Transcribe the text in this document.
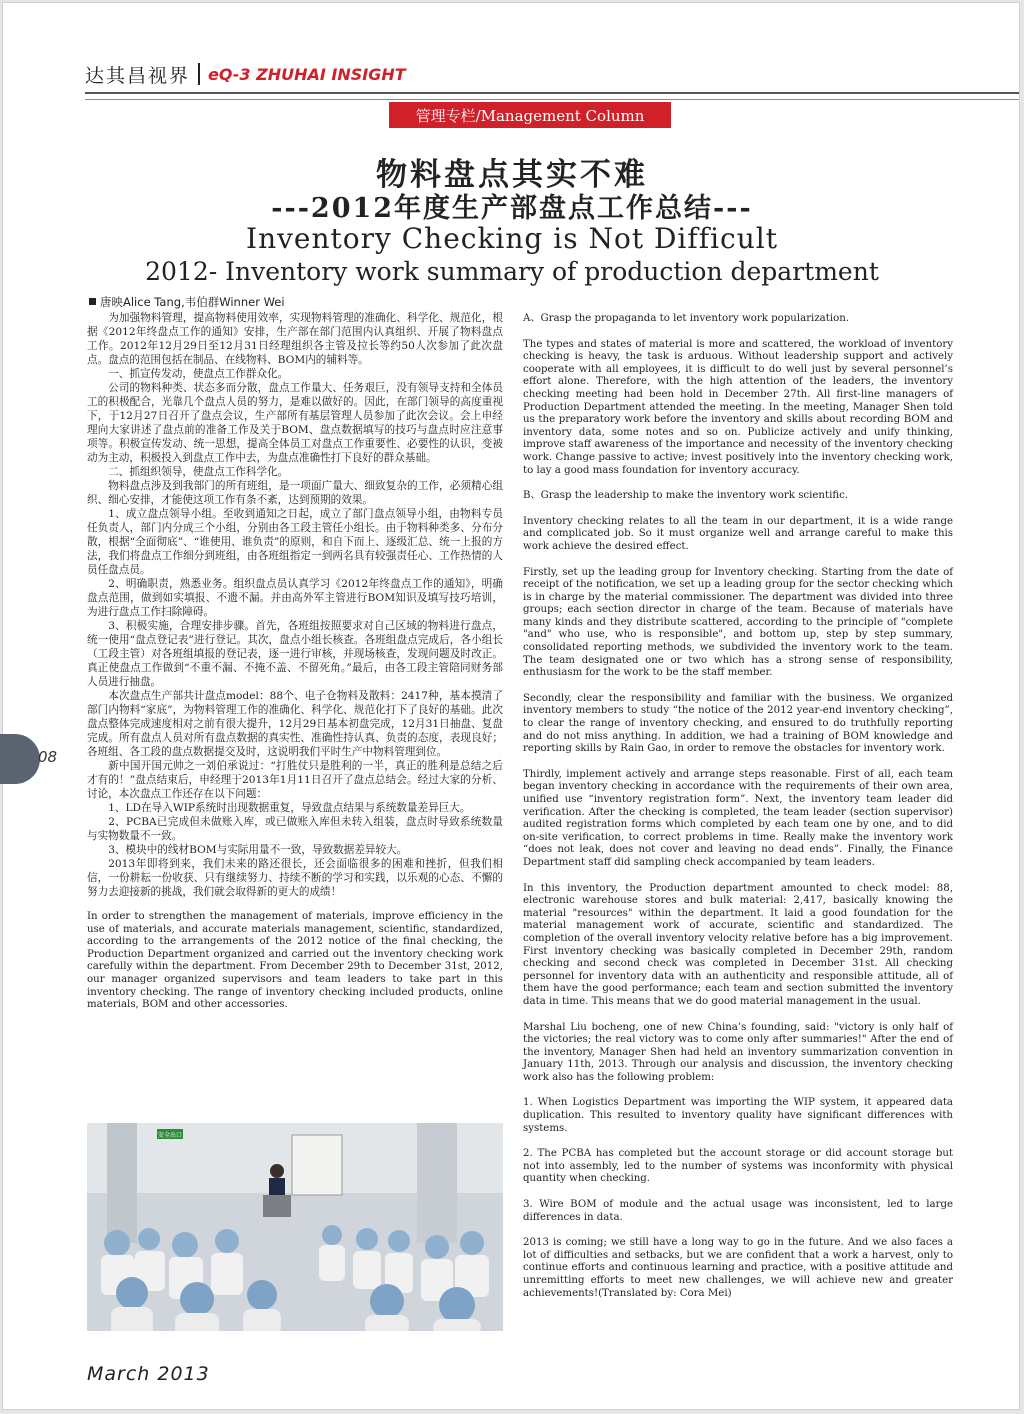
达其昌视界 eQ-3 ZHUHAI INSIGHT
管理专栏/Management Column
物料盘点其实不难
---2012年度生产部盘点工作总结---
Inventory Checking is Not Difficult
2012- Inventory work summary of production department
唐映Alice Tang,韦伯群Winner Wei

为加强物料管理，提高物料使用效率，实现物料管理的准确化、科学化、规范化，根据《2012年终盘点工作的通知》安排，生产部在部门范围内认真组织、开展了物料盘点工作。2012年12月29日至12月31日经理组织各主管及拉长等约50人次参加了此次盘点。盘点的范围包括在制品、在线物料、BOM内的辅料等。

一、抓宣传发动，使盘点工作群众化。

公司的物料种类、状态多而分散，盘点工作量大、任务艰巨，没有领导支持和全体员工的积极配合，光靠几个盘点人员的努力，是难以做好的。因此，在部门领导的高度重视下，于12月27日召开了盘点会议，生产部所有基层管理人员参加了此次会议。会上申经理向大家讲述了盘点前的准备工作及关于BOM、盘点数据填写的技巧与盘点时应注意事项等。积极宣传发动、统一思想，提高全体员工对盘点工作重要性、必要性的认识，变被动为主动，积极投入到盘点工作中去，为盘点准确性打下良好的群众基础。

二、抓组织领导，使盘点工作科学化。

物料盘点涉及到我部门的所有班组，是一项面广量大、细致复杂的工作，必须精心组织、细心安排，才能使这项工作有条不紊，达到预期的效果。

1、成立盘点领导小组。至收到通知之日起，成立了部门盘点领导小组，由物料专员任负责人，部门内分成三个小组，分别由各工段主管任小组长。由于物料种类多、分布分散，根据“全面彻底”、“谁使用、谁负责”的原则，和自下而上、逐级汇总、统一上报的方法，我们将盘点工作细分到班组，由各班组指定一到两名具有较强责任心、工作热情的人员任盘点员。

2、明确职责，熟悉业务。组织盘点员认真学习《2012年终盘点工作的通知》，明确盘点范围，做到如实填报、不遗不漏。并由高外军主管进行BOM知识及填写技巧培训，为进行盘点工作扫除障碍。

3、积极实施，合理安排步骤。首先，各班组按照要求对自己区域的物料进行盘点，统一使用“盘点登记表”进行登记。其次，盘点小组长核查。各班组盘点完成后，各小组长（工段主管）对各班组填报的登记表，逐一进行审核，并现场核查，发现问题及时改正。真正使盘点工作做到“不重不漏、不掩不盖、不留死角。”最后，由各工段主管陪同财务部人员进行抽盘。

本次盘点生产部共计盘点model：88个、电子仓物料及散料：2417种，基本摸清了部门内物料“家底”，为物料管理工作的准确化、科学化、规范化打下了良好的基础。此次盘点整体完成速度相对之前有很大提升，12月29日基本初盘完成，12月31日抽盘、复盘完成。所有盘点人员对所有盘点数据的真实性、准确性持认真、负责的态度，表现良好；各班组、各工段的盘点数据提交及时，这说明我们平时生产中物料管理到位。

新中国开国元帅之一刘伯承说过：“打胜仗只是胜利的一半，真正的胜利是总结之后才有的！”盘点结束后，申经理于2013年1月11日召开了盘点总结会。经过大家的分析、讨论，本次盘点工作还存在以下问题：

1、LD在导入WIP系统时出现数据重复，导致盘点结果与系统数量差异巨大。

2、PCBA已完成但未做账入库，或已做账入库但未转入组装，盘点时导致系统数量与实物数量不一致。

3、模块中的线材BOM与实际用量不一致，导致数据差异较大。

2013年即将到来，我们未来的路还很长，还会面临很多的困难和挫折，但我们相信，一份耕耘一份收获、只有继续努力、持续不断的学习和实践，以乐观的心态、不懈的努力去迎接新的挑战，我们就会取得新的更大的成绩！

In order to strengthen the management of materials, improve efficiency in the use of materials, and accurate materials management, scientific, standardized, according to the arrangements of the 2012 notice of the final checking, the Production Department organized and carried out the inventory checking work carefully within the department. From December 29th to December 31st, 2012, our manager organized supervisors and team leaders to take part in this inventory checking. The range of inventory checking included products, online materials, BOM and other accessories.

A、Grasp the propaganda to let inventory work popularization.

The types and states of material is more and scattered, the workload of inventory checking is heavy, the task is arduous. Without leadership support and actively cooperate with all employees, it is difficult to do well just by several personnel’s effort alone. Therefore, with the high attention of the leaders, the inventory checking meeting had been hold in December 27th. All first-line managers of Production Department attended the meeting. In the meeting, Manager Shen told us the preparatory work before the inventory and skills about recording BOM and inventory data, some notes and so on. Publicize actively and unify thinking, improve staff awareness of the importance and necessity of the inventory checking work. Change passive to active; invest positively into the inventory checking work, to lay a good mass foundation for inventory accuracy.

B、Grasp the leadership to make the inventory work scientific.

Inventory checking relates to all the team in our department, it is a wide range and complicated job. So it must organize well and arrange careful to make this work achieve the desired effect.

Firstly, set up the leading group for Inventory checking. Starting from the date of receipt of the notification, we set up a leading group for the sector checking which is in charge by the material commissioner. The department was divided into three groups; each section director in charge of the team. Because of materials have many kinds and they distribute scattered, according to the principle of "complete "and" who use, who is responsible", and bottom up, step by step summary, consolidated reporting methods, we subdivided the inventory work to the team. The team designated one or two which has a strong sense of responsibility, enthusiasm for the work to be the staff member.

Secondly, clear the responsibility and familiar with the business. We organized inventory members to study “the notice of the 2012 year-end inventory checking”, to clear the range of inventory checking, and ensured to do truthfully reporting and do not miss anything. In addition, we had a training of BOM knowledge and reporting skills by Rain Gao, in order to remove the obstacles for inventory work.

Thirdly, implement actively and arrange steps reasonable. First of all, each team began inventory checking in accordance with the requirements of their own area, unified use “inventory registration form”. Next, the inventory team leader did verification. After the checking is completed, the team leader (section supervisor) audited registration forms which completed by each team one by one, and to did on-site verification, to correct problems in time. Really make the inventory work “does not leak, does not cover and leaving no dead ends”. Finally, the Finance Department staff did sampling check accompanied by team leaders.

In this inventory, the Production department amounted to check model: 88, electronic warehouse stores and bulk material: 2,417, basically knowing the material "resources" within the department. It laid a good foundation for the material management work of accurate, scientific and standardized. The completion of the overall inventory velocity relative before has a big improvement. First inventory checking was basically completed in December 29th, random checking and second check was completed in December 31st. All checking personnel for inventory data with an authenticity and responsible attitude, all of them have the good performance; each team and section submitted the inventory data in time. This means that we do good material management in the usual.

Marshal Liu bocheng, one of new China’s founding, said: "victory is only half of the victories; the real victory was to come only after summaries!" After the end of the inventory, Manager Shen had held an inventory summarization convention in January 11th, 2013. Through our analysis and discussion, the inventory checking work also has the following problem:

1. When Logistics Department was importing the WIP system, it appeared data duplication. This resulted to inventory quality have significant differences with systems.

2. The PCBA has completed but the account storage or did account storage but not into assembly, led to the number of systems was inconformity with physical quantity when checking.

3. Wire BOM of module and the actual usage was inconsistent, led to large differences in data.

2013 is coming; we still have a long way to go in the future. And we also faces a lot of difficulties and setbacks, but we are confident that a work a harvest, only to continue efforts and continuous learning and practice, with a positive attitude and unremitting efforts to meet new challenges, we will achieve new and greater achievements!(Translated by: Cora Mei)

安全出口
March 2013
08
